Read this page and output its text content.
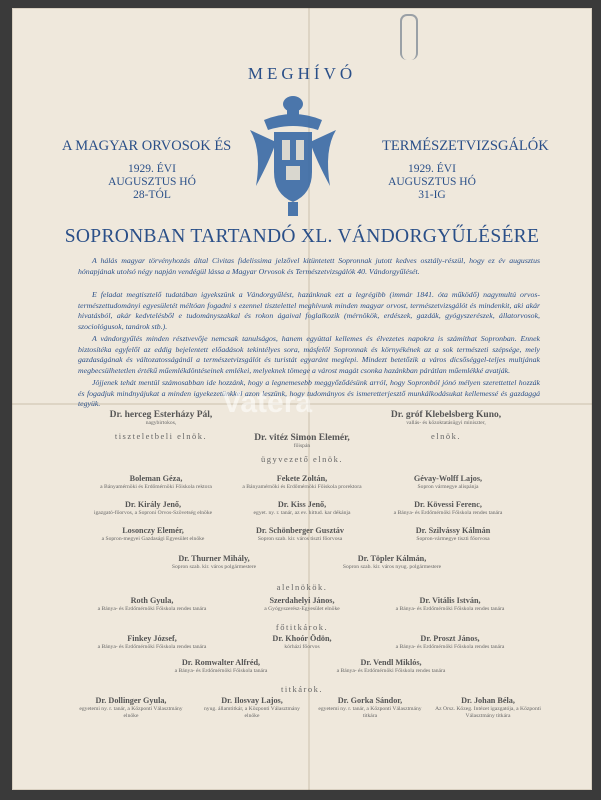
MEGHÍVÓ
A MAGYAR ORVOSOK ÉS	TERMÉSZETVIZSGÁLÓK
1929. ÉVI
AUGUSZTUS HÓ
28-TÓL
1929. ÉVI
AUGUSZTUS HÓ
31-IG
SOPRONBAN TARTANDÓ XL. VÁNDORGYŰLÉSÉRE
A hálás magyar törvényhozás által Civitas fidelissima jelzővel kitüntetett Sopronnak jutott kedves osztály-részül, hogy ez év augusztus hónapjának utolsó négy napján vendégül lássa a Magyar Orvosok és Természetvizsgálók 40. Vándorgyűlését.
E feladat megtisztelő tudatában igyekszünk a Vándorgyűlést, hazánknak ezt a legrégibb (immár 1841. óta működő) nagymultú orvos-természettudományi egyesületét méltóan fogadni s ezennel tisztelettel meghívunk minden magyar orvost, természetvizsgálót és mindenkit, aki akár hivatásból, akár kedvtelésből e tudományszakkal és rokon ágaival foglalkozik (mérnökök, erdészek, gazdák, gyógyszerészek, állatorvosok, szociológusok, tanárok stb.).
A vándorgyűlés minden résztvevője nemcsak tanulságos, hanem egyúttal kellemes és élvezetes napokra is számíthat Sopronban. Ennek biztosítéka egyfelől az eddig bejelentett előadások tekintélyes sora, másfelől Sopronnak és környékének az a sok természeti szépsége, mely gazdaságának és változatosságánál a természetvizsgálót és turistát egyaránt meglepi. Mindezt betetőzik a város dicsőséggel-teljes multjának megbecsülhetetlen értékű műemlékdöntéseinek emlékei, melyeknek tömege a várost magát csonka hazánkban párátlan műemlékké avatják.
Jöjjenek tehát mentül számosabban ide hozzánk, hogy a legnemesebb meggyőződésünk arról, hogy Sopronból jónó mélyen szerettettel hozzák és fogadjuk mindnyájukat a minden igyekezetünkkel azon leszünk, hogy tudományos és ismeretterjesztő munkálkodásukat kellemessé és gazdaggá tegyük.	Vatera
Dr. herceg Esterházy Pál,
nagybirtokos,
Dr. gróf Klebelsberg Kuno,
vallás- és közoktatásügyi miniszter,
tiszteletbeli elnök.	elnök.
Dr. vitéz Simon Elemér,
főispán
ügyvezető elnök.
Boleman Géza,
a Bányamérnöki és Erdőmérnöki Főiskola rektora
Fekete Zoltán,
a Bányamérnöki és Erdőmérnöki Főiskola prorektora
Gévay-Wolff Lajos,
Sopron vármegye alispánja
Dr. Király Jenő,
igazgató-főorvos, a Soproni Orvos-Szövetség elnöke
Dr. Kiss Jenő,
egyet. ny. r. tanár, az ev. hittud. kar dékánja
Dr. Kövessi Ferenc,
a Bánya- és Erdőmérnöki Főiskola rendes tanára
Losonczy Elemér,
a Sopron-megyei Gazdasági Egyesület elnöke
Dr. Schönberger Gusztáv
Sopron szab. kir. város tiszti főorvosa
Dr. Szilvássy Kálmán
Sopron-vármegye tiszti főorvosa
Dr. Thurner Mihály,
Sopron szab. kir. város polgármestere
Dr. Töpler Kálmán,
Sopron szab. kir. város nyug. polgármestere
alelnökök.
Roth Gyula,
a Bánya- és Erdőmérnöki Főiskola rendes tanára
Szerdahelyi János,
a Gyógyszerész-Egyesület elnöke
Dr. Vitális István,
a Bánya- és Erdőmérnöki Főiskola rendes tanára
főtitkárok.
Finkey József,
a Bánya- és Erdőmérnöki Főiskola rendes tanára
Dr. Khoór Ödön,
kórházi főorvos
Dr. Proszt János,
a Bánya- és Erdőmérnöki Főiskola rendes tanára
Dr. Romwalter Alfréd,
a Bánya- és Erdőmérnöki Főiskola tanára
Dr. Vendl Miklós,
a Bánya- és Erdőmérnöki Főiskola rendes tanára
titkárok.
Dr. Dollinger Gyula,
egyetemi ny. r. tanár, a Központi Választmány elnöke
Dr. Ilosvay Lajos,
nyug. államtitkár, a Központi Választmány elnöke
Dr. Gorka Sándor,
egyetemi ny. r. tanár, a Központi Választmány titkára
Dr. Johan Béla,
Az Orsz. Közeg. Intézet igazgatója, a Központi Választmány titkára
